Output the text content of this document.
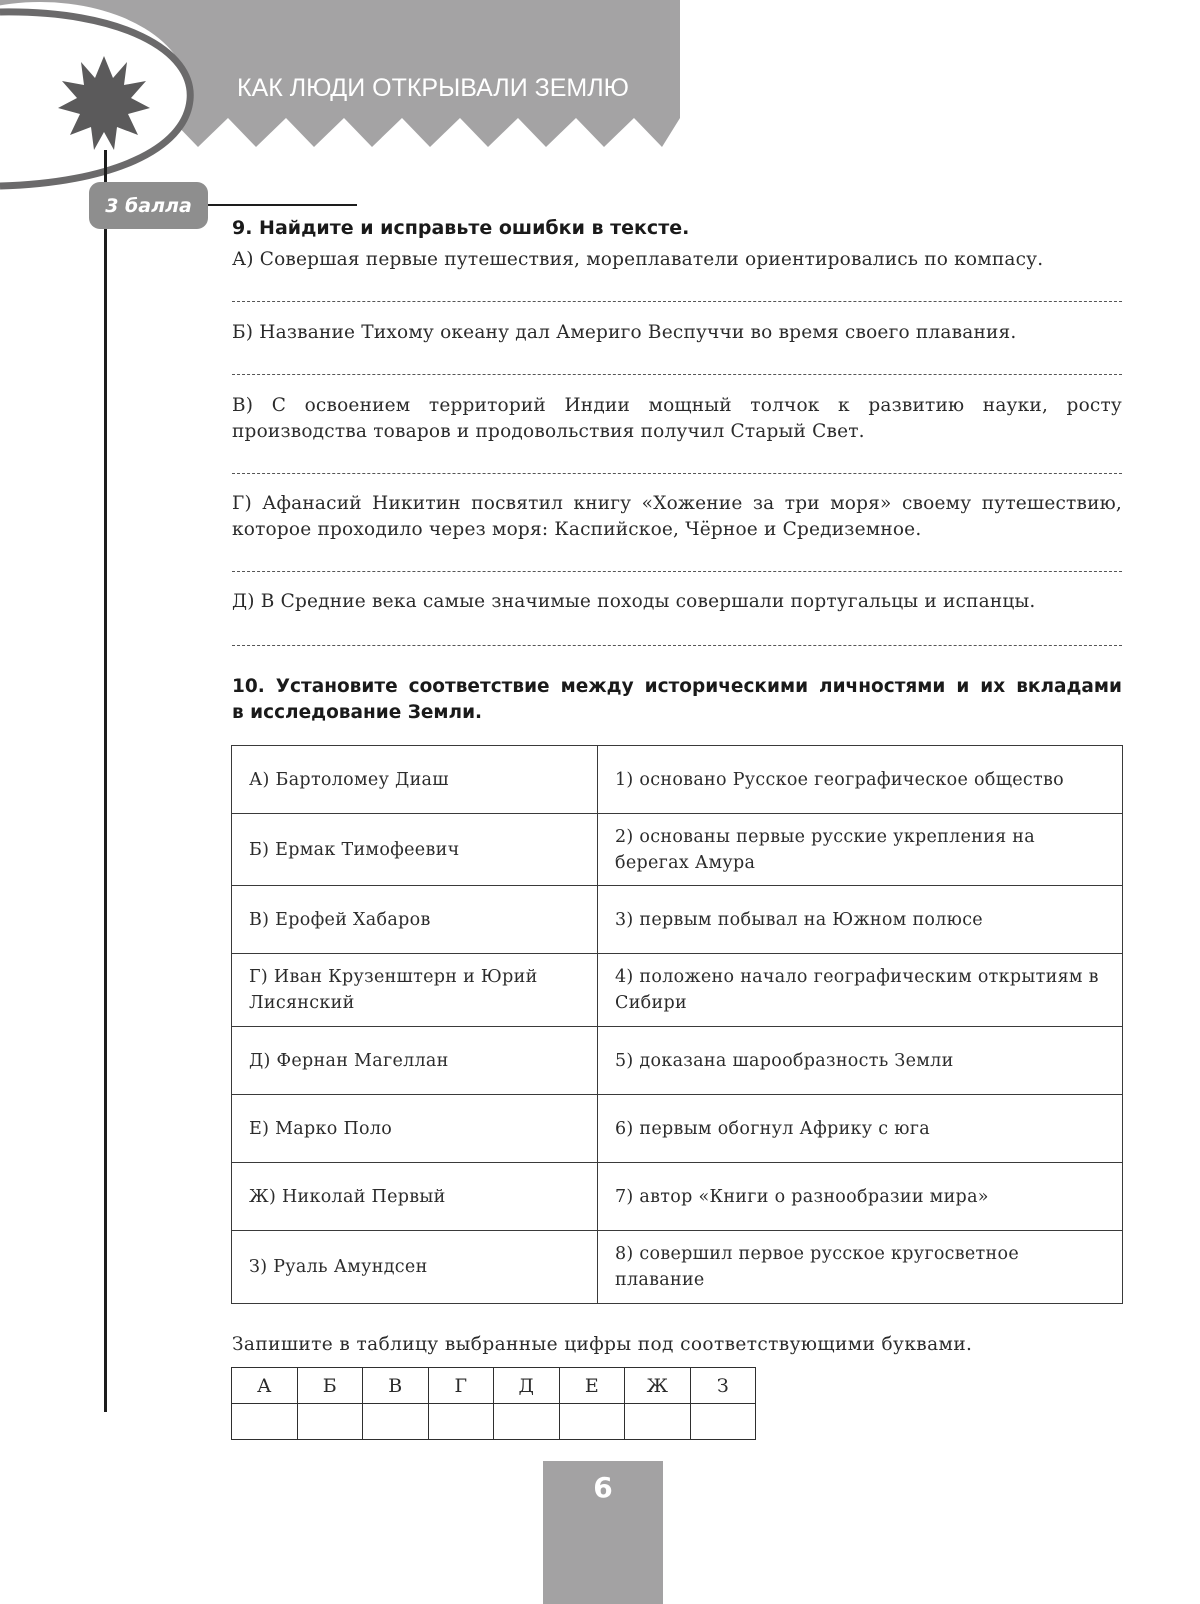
КАК ЛЮДИ ОТКРЫВАЛИ ЗЕМЛЮ
3 балла
9. Найдите и исправьте ошибки в тексте.
А) Совершая первые путешествия, мореплаватели ориентировались по компасу.
Б) Название Тихому океану дал Америго Веспуччи во время своего плавания.
В) С освоением территорий Индии мощный толчок к развитию науки, росту производства товаров и продовольствия получил Старый Свет.
Г) Афанасий Никитин посвятил книгу «Хожение за три моря» своему путешествию, которое проходило через моря: Каспийское, Чёрное и Средиземное.
Д) В Средние века самые значимые походы совершали португальцы и испанцы.
10. Установите соответствие между историческими личностями и их вкладами
в исследование Земли.
А) Бартоломеу Диаш	1) основано Русское географическое общество
Б) Ермак Тимофеевич	2) основаны первые русские укрепления на берегах Амура
В) Ерофей Хабаров	3) первым побывал на Южном полюсе
Г) Иван Крузенштерн и Юрий Лисянский	4) положено начало географическим открытиям в Сибири
Д) Фернан Магеллан	5) доказана шарообразность Земли
Е) Марко Поло	6) первым обогнул Африку с юга
Ж) Николай Первый	7) автор «Книги о разнообразии мира»
З) Руаль Амундсен	8) совершил первое русское кругосветное плавание
Запишите в таблицу выбранные цифры под соответствующими буквами.
А	Б	В	Г	Д	Е	Ж	З

6
